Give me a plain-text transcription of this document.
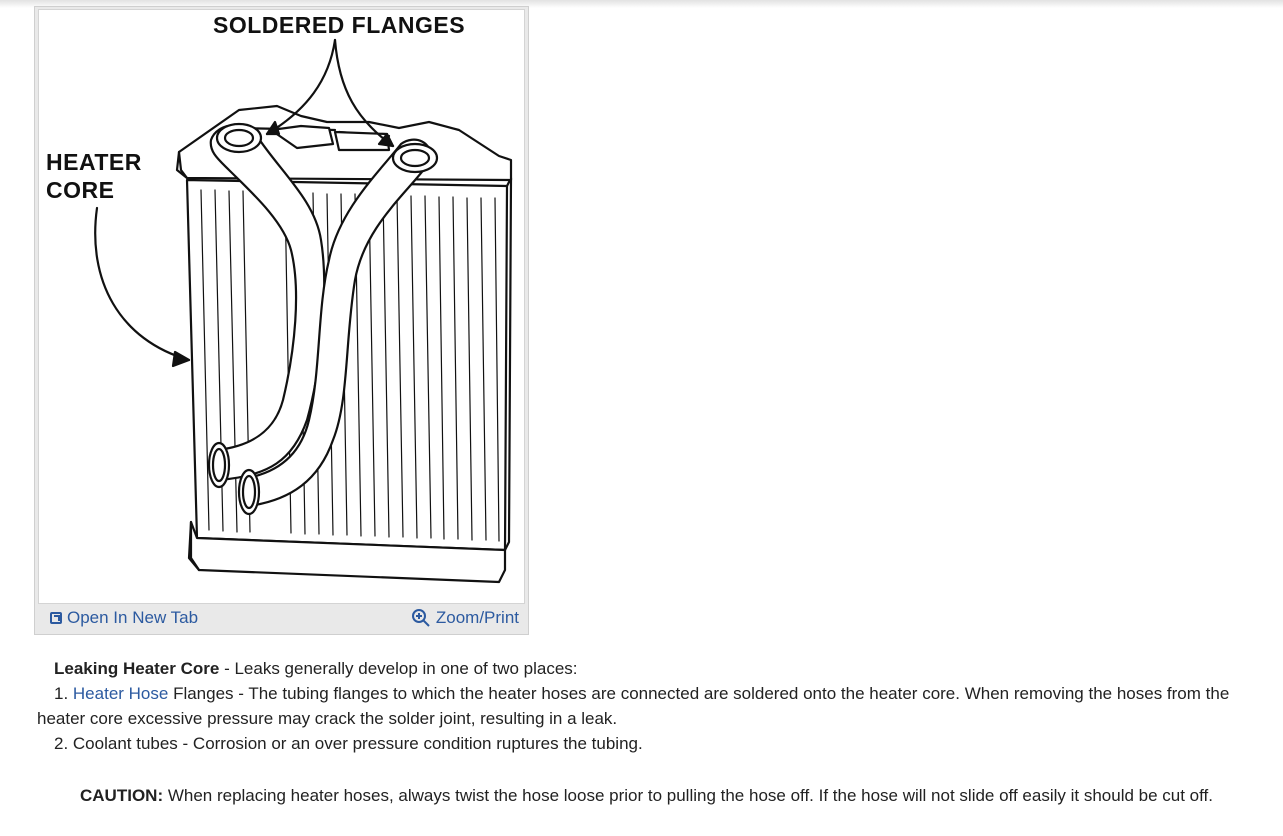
SOLDERED FLANGES
HEATER
CORE
Open In New Tab	Zoom/Print

Leaking Heater Core - Leaks generally develop in one of two places:

1. Heater Hose Flanges - The tubing flanges to which the heater hoses are connected are soldered onto the heater core. When removing the hoses from the heater core excessive pressure may crack the solder joint, resulting in a leak.

2. Coolant tubes - Corrosion or an over pressure condition ruptures the tubing.

CAUTION: When replacing heater hoses, always twist the hose loose prior to pulling the hose off. If the hose will not slide off easily it should be cut off.
